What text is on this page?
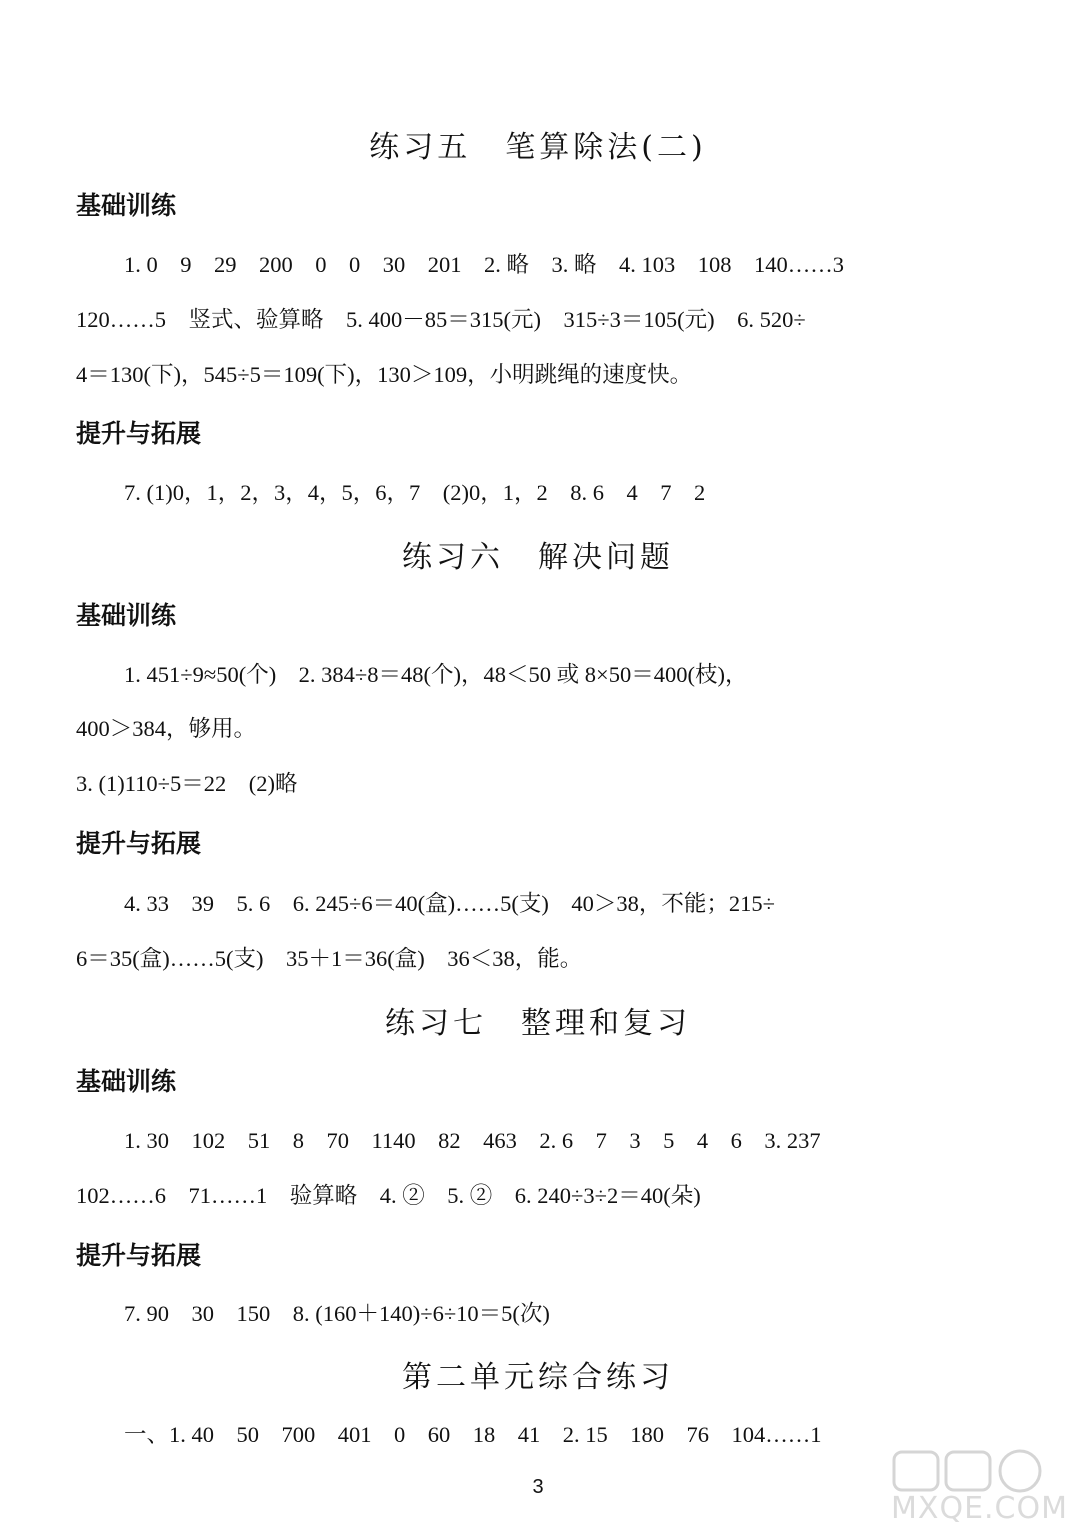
练习五　笔算除法(二)
基础训练
1. 0　9　29　200　0　0　30　201　2. 略　3. 略　4. 103　108　140……3
120……5　竖式、验算略　5. 400－85＝315(元)　315÷3＝105(元)　6. 520÷
4＝130(下)，545÷5＝109(下)，130＞109，小明跳绳的速度快。
提升与拓展
7. (1)0，1，2，3，4，5，6，7　(2)0，1，2　8. 6　4　7　2
练习六　解决问题
基础训练
1. 451÷9≈50(个)　2. 384÷8＝48(个)，48＜50 或 8×50＝400(枝)，
400＞384，够用。
3. (1)110÷5＝22　(2)略
提升与拓展
4. 33　39　5. 6　6. 245÷6＝40(盒)……5(支)　40＞38，不能；215÷
6＝35(盒)……5(支)　35＋1＝36(盒)　36＜38，能。
练习七　整理和复习
基础训练
1. 30　102　51　8　70　1140　82　463　2. 6　7　3　5　4　6　3. 237
102……6　71……1　验算略　4. ②　5. ②　6. 240÷3÷2＝40(朵)
提升与拓展
7. 90　30　150　8. (160＋140)÷6÷10＝5(次)
第二单元综合练习
一、1. 40　50　700　401　0　60　18　41　2. 15　180　76　104……1
3
MXQE.COM
